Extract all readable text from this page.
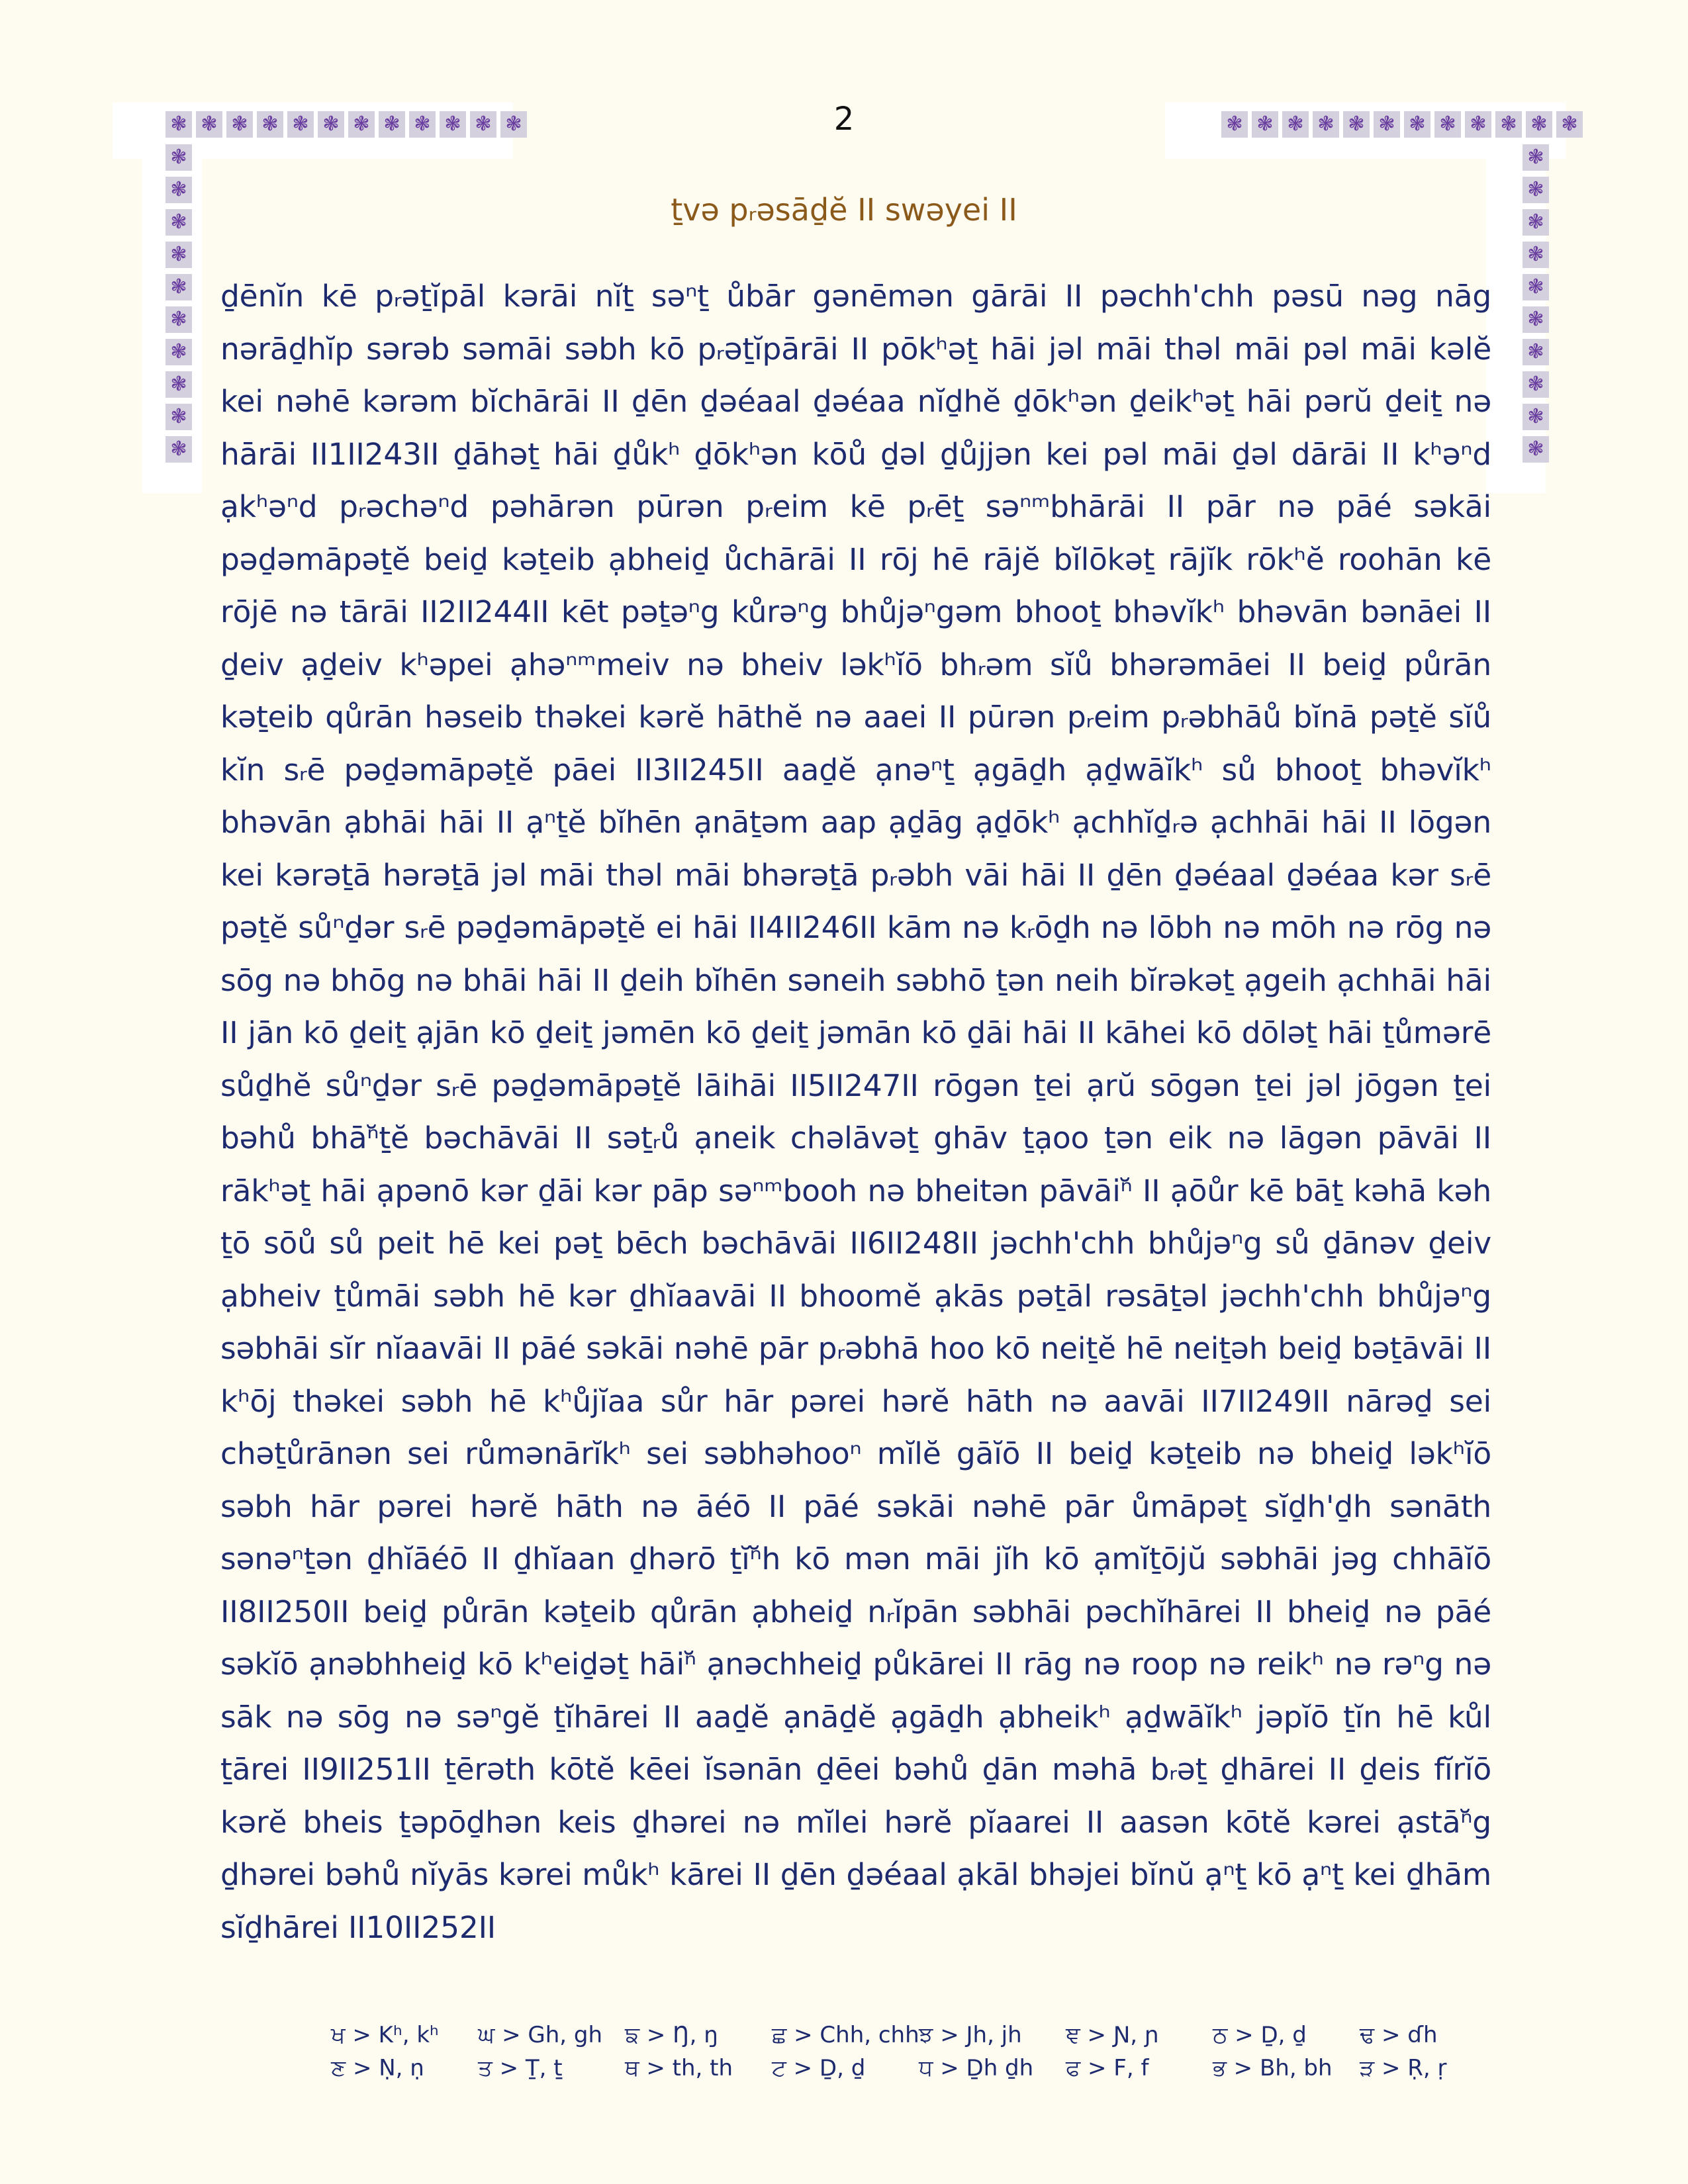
❃ ❃ ❃ ❃ ❃ ❃ ❃ ❃ ❃ ❃ ❃ ❃	❃ ❃ ❃ ❃ ❃ ❃ ❃ ❃ ❃ ❃ ❃ ❃
❃
❃
❃
❃
❃
❃
❃
❃
❃
❃
❃
❃
❃
❃
❃
❃
❃
❃
❃
❃
2
ṯvə pᵣəsāḏĕ II swəyei II
ḏēnĭn kē pᵣəṯĭpāl kərāi nĭṯ səⁿṯ ůbār gənēmən gārāi II pəchh'chh pəsū nəg nāg nərāḏhĭp sərəb səmāi səbh kō pᵣəṯĭpārāi II pōkʰəṯ hāi jəl māi thəl māi pəl māi kəlĕ kei nəhē kərəm bĭchārāi II ḏēn ḏəéaal ḏəéaa nĭḏhĕ ḏōkʰən ḏeikʰəṯ hāi pərŭ ḏeiṯ nə hārāi II1II243II ḏāhəṯ hāi ḏůkʰ ḏōkʰən kōů ḏəl ḏůjjən kei pəl māi ḏəl dārāi II kʰəⁿd ạkʰəⁿd pᵣəchəⁿd pəhārən pūrən pᵣeim kē pᵣēṯ səⁿᵐbhārāi II pār nə pāé səkāi pəḏəmāpəṯĕ beiḏ kəṯeib ạbheiḏ ůchārāi II rōj hē rājĕ bĭlōkəṯ rājĭk rōkʰĕ roohān kē rōjē nə tārāi II2II244II kēt pəṯəⁿg kůrəⁿg bhůjəⁿgəm bhooṯ bhəvĭkʰ bhəvān bənāei II ḏeiv ạḏeiv kʰəpei ạhəⁿᵐmeiv nə bheiv ləkʰĭō bhᵣəm sĭů bhərəmāei II beiḏ půrān kəṯeib qůrān həseib thəkei kərĕ hāthĕ nə aaei II pūrən pᵣeim pᵣəbhāů bĭnā pəṯĕ sĭů kĭn sᵣē pəḏəmāpəṯĕ pāei II3II245II aaḏĕ ạnəⁿṯ ạgāḏh ạḏwāĭkʰ sů bhooṯ bhəvĭkʰ bhəvān ạbhāi hāi II ạⁿṯĕ bĭhēn ạnāṯəm aap ạḏāg ạḏōkʰ ạchhĭḏᵣə ạchhāi hāi II lōgən kei kərəṯā hərəṯā jəl māi thəl māi bhərəṯā pᵣəbh vāi hāi II ḏēn ḏəéaal ḏəéaa kər sᵣē pəṯĕ sůⁿḏər sᵣē pəḏəmāpəṯĕ ei hāi II4II246II kām nə kᵣōḏh nə lōbh nə mōh nə rōg nə sōg nə bhōg nə bhāi hāi II ḏeih bĭhēn səneih səbhō ṯən neih bĭrəkəṯ ạgeih ạchhāi hāi II jān kō ḏeiṯ ạjān kō ḏeiṯ jəmēn kō ḏeiṯ jəmān kō ḏāi hāi II kāhei kō dōləṯ hāi ṯůmərē sůḏhĕ sůⁿḏər sᵣē pəḏəmāpəṯĕ lāihāi II5II247II rōgən ṯei ạrŭ sōgən ṯei jəl jōgən ṯei bəhů bhāⁿ̆ṯĕ bəchāvāi II səṯᵣů ạneik chəlāvəṯ ghāv ṯạoo ṯən eik nə lāgən pāvāi II rākʰəṯ hāi ạpənō kər ḏāi kər pāp səⁿᵐbooh nə bheitən pāvāiⁿ̆ II ạōůr kē bāṯ kəhā kəh ṯō sōů sů peit hē kei pəṯ bēch bəchāvāi II6II248II jəchh'chh bhůjəⁿg sů ḏānəv ḏeiv ạbheiv ṯůmāi səbh hē kər ḏhĭaavāi II bhoomĕ ạkās pəṯāl rəsāṯəl jəchh'chh bhůjəⁿg səbhāi sĭr nĭaavāi II pāé səkāi nəhē pār pᵣəbhā hoo kō neiṯĕ hē neiṯəh beiḏ bəṯāvāi II kʰōj thəkei səbh hē kʰůjĭaa sůr hār pərei hərĕ hāth nə aavāi II7II249II nārəḏ sei chəṯůrānən sei růmənārĭkʰ sei səbhəhooⁿ mĭlĕ gāĭō II beiḏ kəṯeib nə bheiḏ ləkʰĭō səbh hār pərei hərĕ hāth nə āéō II pāé səkāi nəhē pār ůmāpəṯ sĭḏh'ḏh sənāth sənəⁿṯən ḏhĭāéō II ḏhĭaan ḏhərō ṯĭⁿ̆h kō mən māi jĭh kō ạmĭṯōjŭ səbhāi jəg chhāĭō II8II250II beiḏ půrān kəṯeib qůrān ạbheiḏ nᵣĭpān səbhāi pəchĭhārei II bheiḏ nə pāé səkĭō ạnəbhheiḏ kō kʰeiḏəṯ hāiⁿ̆ ạnəchheiḏ půkārei II rāg nə roop nə reikʰ nə rəⁿg nə sāk nə sōg nə səⁿgĕ ṯĭhārei II aaḏĕ ạnāḏĕ ạgāḏh ạbheikʰ ạḏwāĭkʰ jəpĭō ṯĭn hē kůl ṯārei II9II251II ṯērəth kōtĕ kēei ĭsənān ḏēei bəhů ḏān məhā bᵣəṯ ḏhārei II ḏeis fĭrĭō kərĕ bheis ṯəpōḏhən keis ḏhərei nə mĭlei hərĕ pĭaarei II aasən kōtĕ kərei ạstāⁿ̆g ḏhərei bəhů nĭyās kərei můkʰ kārei II ḏēn ḏəéaal ạkāl bhəjei bĭnŭ ạⁿṯ kō ạⁿṯ kei ḏhām sĭḏhārei II10II252II
ਖ > Kʰ, kʰ	ਘ > Gh, gh ਙ > Ŋ, ŋ	ਛ > Chh, chh ਝ > Jh, jh	ਞ > Ɲ, ɲ	ਠ > Ḏ, ḏ	ਢ > ɗh
ਣ > Ṇ, ṇ	ਤ > Ṯ, ṯ	ਥ > th, th	ਟ > Ḏ, ḏ	ਧ > Ḏh ḏh	ਫ > F, f	ਭ > Bh, bh	ੜ > Ṛ, ṛ
